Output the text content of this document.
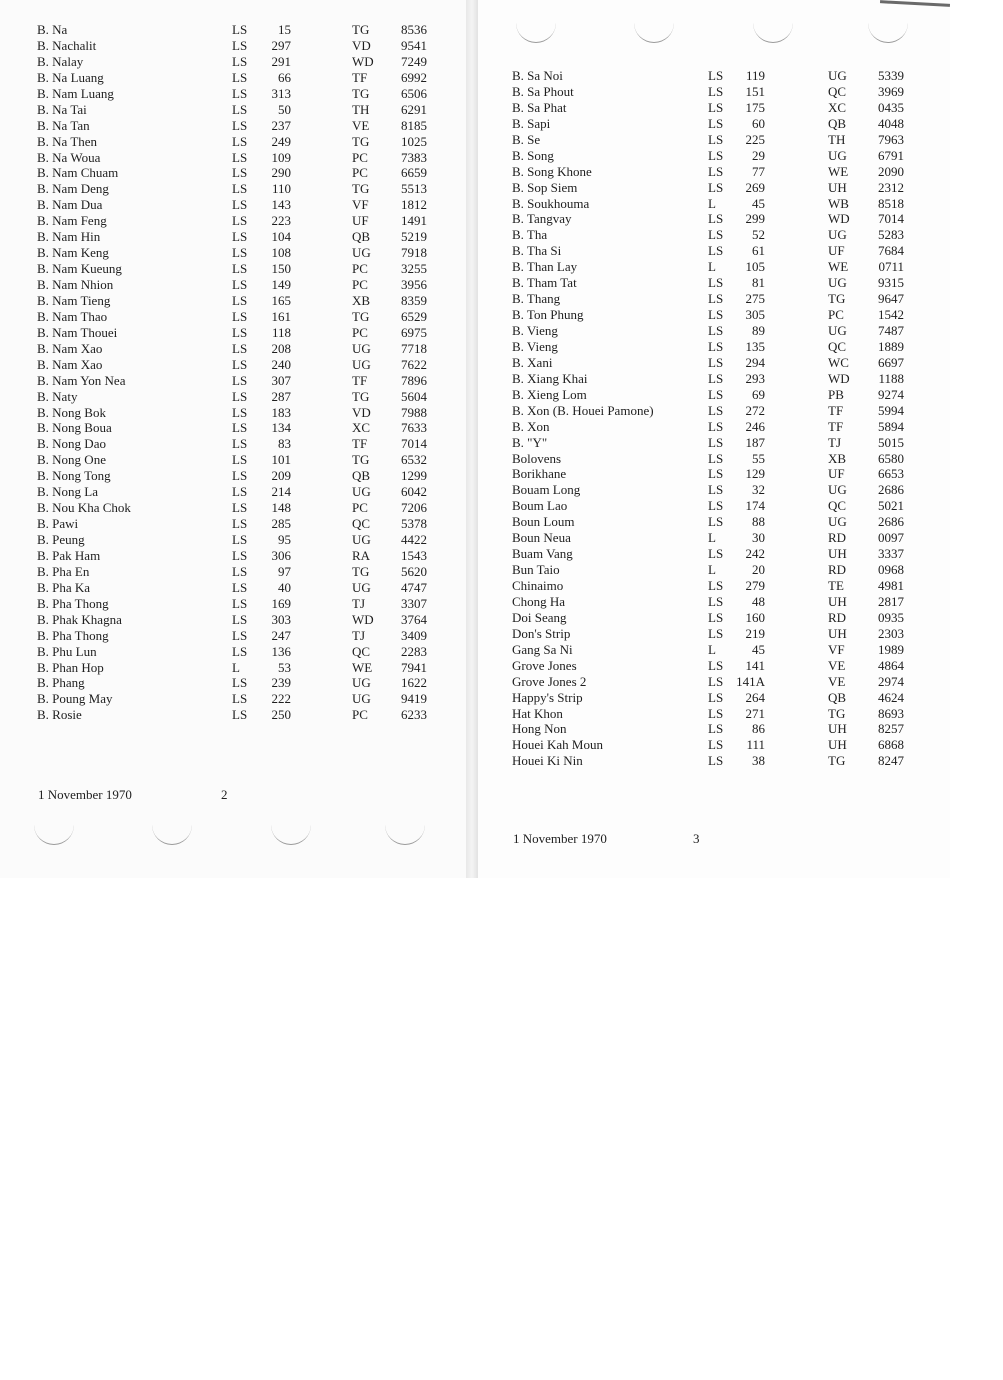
B. Na	LS	15	TG	8536
B. Nachalit	LS	297	VD	9541
B. Nalay	LS	291	WD	7249
B. Na Luang	LS	66	TF	6992
B. Nam Luang	LS	313	TG	6506
B. Na Tai	LS	50	TH	6291
B. Na Tan	LS	237	VE	8185
B. Na Then	LS	249	TG	1025
B. Na Woua	LS	109	PC	7383
B. Nam Chuam	LS	290	PC	6659
B. Nam Deng	LS	110	TG	5513
B. Nam Dua	LS	143	VF	1812
B. Nam Feng	LS	223	UF	1491
B. Nam Hin	LS	104	QB	5219
B. Nam Keng	LS	108	UG	7918
B. Nam Kueung	LS	150	PC	3255
B. Nam Nhion	LS	149	PC	3956
B. Nam Tieng	LS	165	XB	8359
B. Nam Thao	LS	161	TG	6529
B. Nam Thouei	LS	118	PC	6975
B. Nam Xao	LS	208	UG	7718
B. Nam Xao	LS	240	UG	7622
B. Nam Yon Nea	LS	307	TF	7896
B. Naty	LS	287	TG	5604
B. Nong Bok	LS	183	VD	7988
B. Nong Boua	LS	134	XC	7633
B. Nong Dao	LS	83	TF	7014
B. Nong One	LS	101	TG	6532
B. Nong Tong	LS	209	QB	1299
B. Nong La	LS	214	UG	6042
B. Nou Kha Chok	LS	148	PC	7206
B. Pawi	LS	285	QC	5378
B. Peung	LS	95	UG	4422
B. Pak Ham	LS	306	RA	1543
B. Pha En	LS	97	TG	5620
B. Pha Ka	LS	40	UG	4747
B. Pha Thong	LS	169	TJ	3307
B. Phak Khagna	LS	303	WD	3764
B. Pha Thong	LS	247	TJ	3409
B. Phu Lun	LS	136	QC	2283
B. Phan Hop	L	53	WE	7941
B. Phang	LS	239	UG	1622
B. Poung May	LS	222	UG	9419
B. Rosie	LS	250	PC	6233
1 November 1970	2
B. Sa Noi	LS	119	UG	5339
B. Sa Phout	LS	151	QC	3969
B. Sa Phat	LS	175	XC	0435
B. Sapi	LS	60	QB	4048
B. Se	LS	225	TH	7963
B. Song	LS	29	UG	6791
B. Song Khone	LS	77	WE	2090
B. Sop Siem	LS	269	UH	2312
B. Soukhouma	L	45	WB	8518
B. Tangvay	LS	299	WD	7014
B. Tha	LS	52	UG	5283
B. Tha Si	LS	61	UF	7684
B. Than Lay	L	105	WE	0711
B. Tham Tat	LS	81	UG	9315
B. Thang	LS	275	TG	9647
B. Ton Phung	LS	305	PC	1542
B. Vieng	LS	89	UG	7487
B. Vieng	LS	135	QC	1889
B. Xani	LS	294	WC	6697
B. Xiang Khai	LS	293	WD	1188
B. Xieng Lom	LS	69	PB	9274
B. Xon (B. Houei Pamone)	LS	272	TF	5994
B. Xon	LS	246	TF	5894
B. "Y"	LS	187	TJ	5015
Bolovens	LS	55	XB	6580
Borikhane	LS	129	UF	6653
Bouam Long	LS	32	UG	2686
Boum Lao	LS	174	QC	5021
Boun Loum	LS	88	UG	2686
Boun Neua	L	30	RD	0097
Buam Vang	LS	242	UH	3337
Bun Taio	L	20	RD	0968
Chinaimo	LS	279	TE	4981
Chong Ha	LS	48	UH	2817
Doi Seang	LS	160	RD	0935
Don's Strip	LS	219	UH	2303
Gang Sa Ni	L	45	VF	1989
Grove Jones	LS	141	VE	4864
Grove Jones 2	LS 141A	VE	2974
Happy's Strip	LS	264	QB	4624
Hat Khon	LS	271	TG	8693
Hong Non	LS	86	UH	8257
Houei Kah Moun	LS	111	UH	6868
Houei Ki Nin	LS	38	TG	8247
1 November 1970	3
